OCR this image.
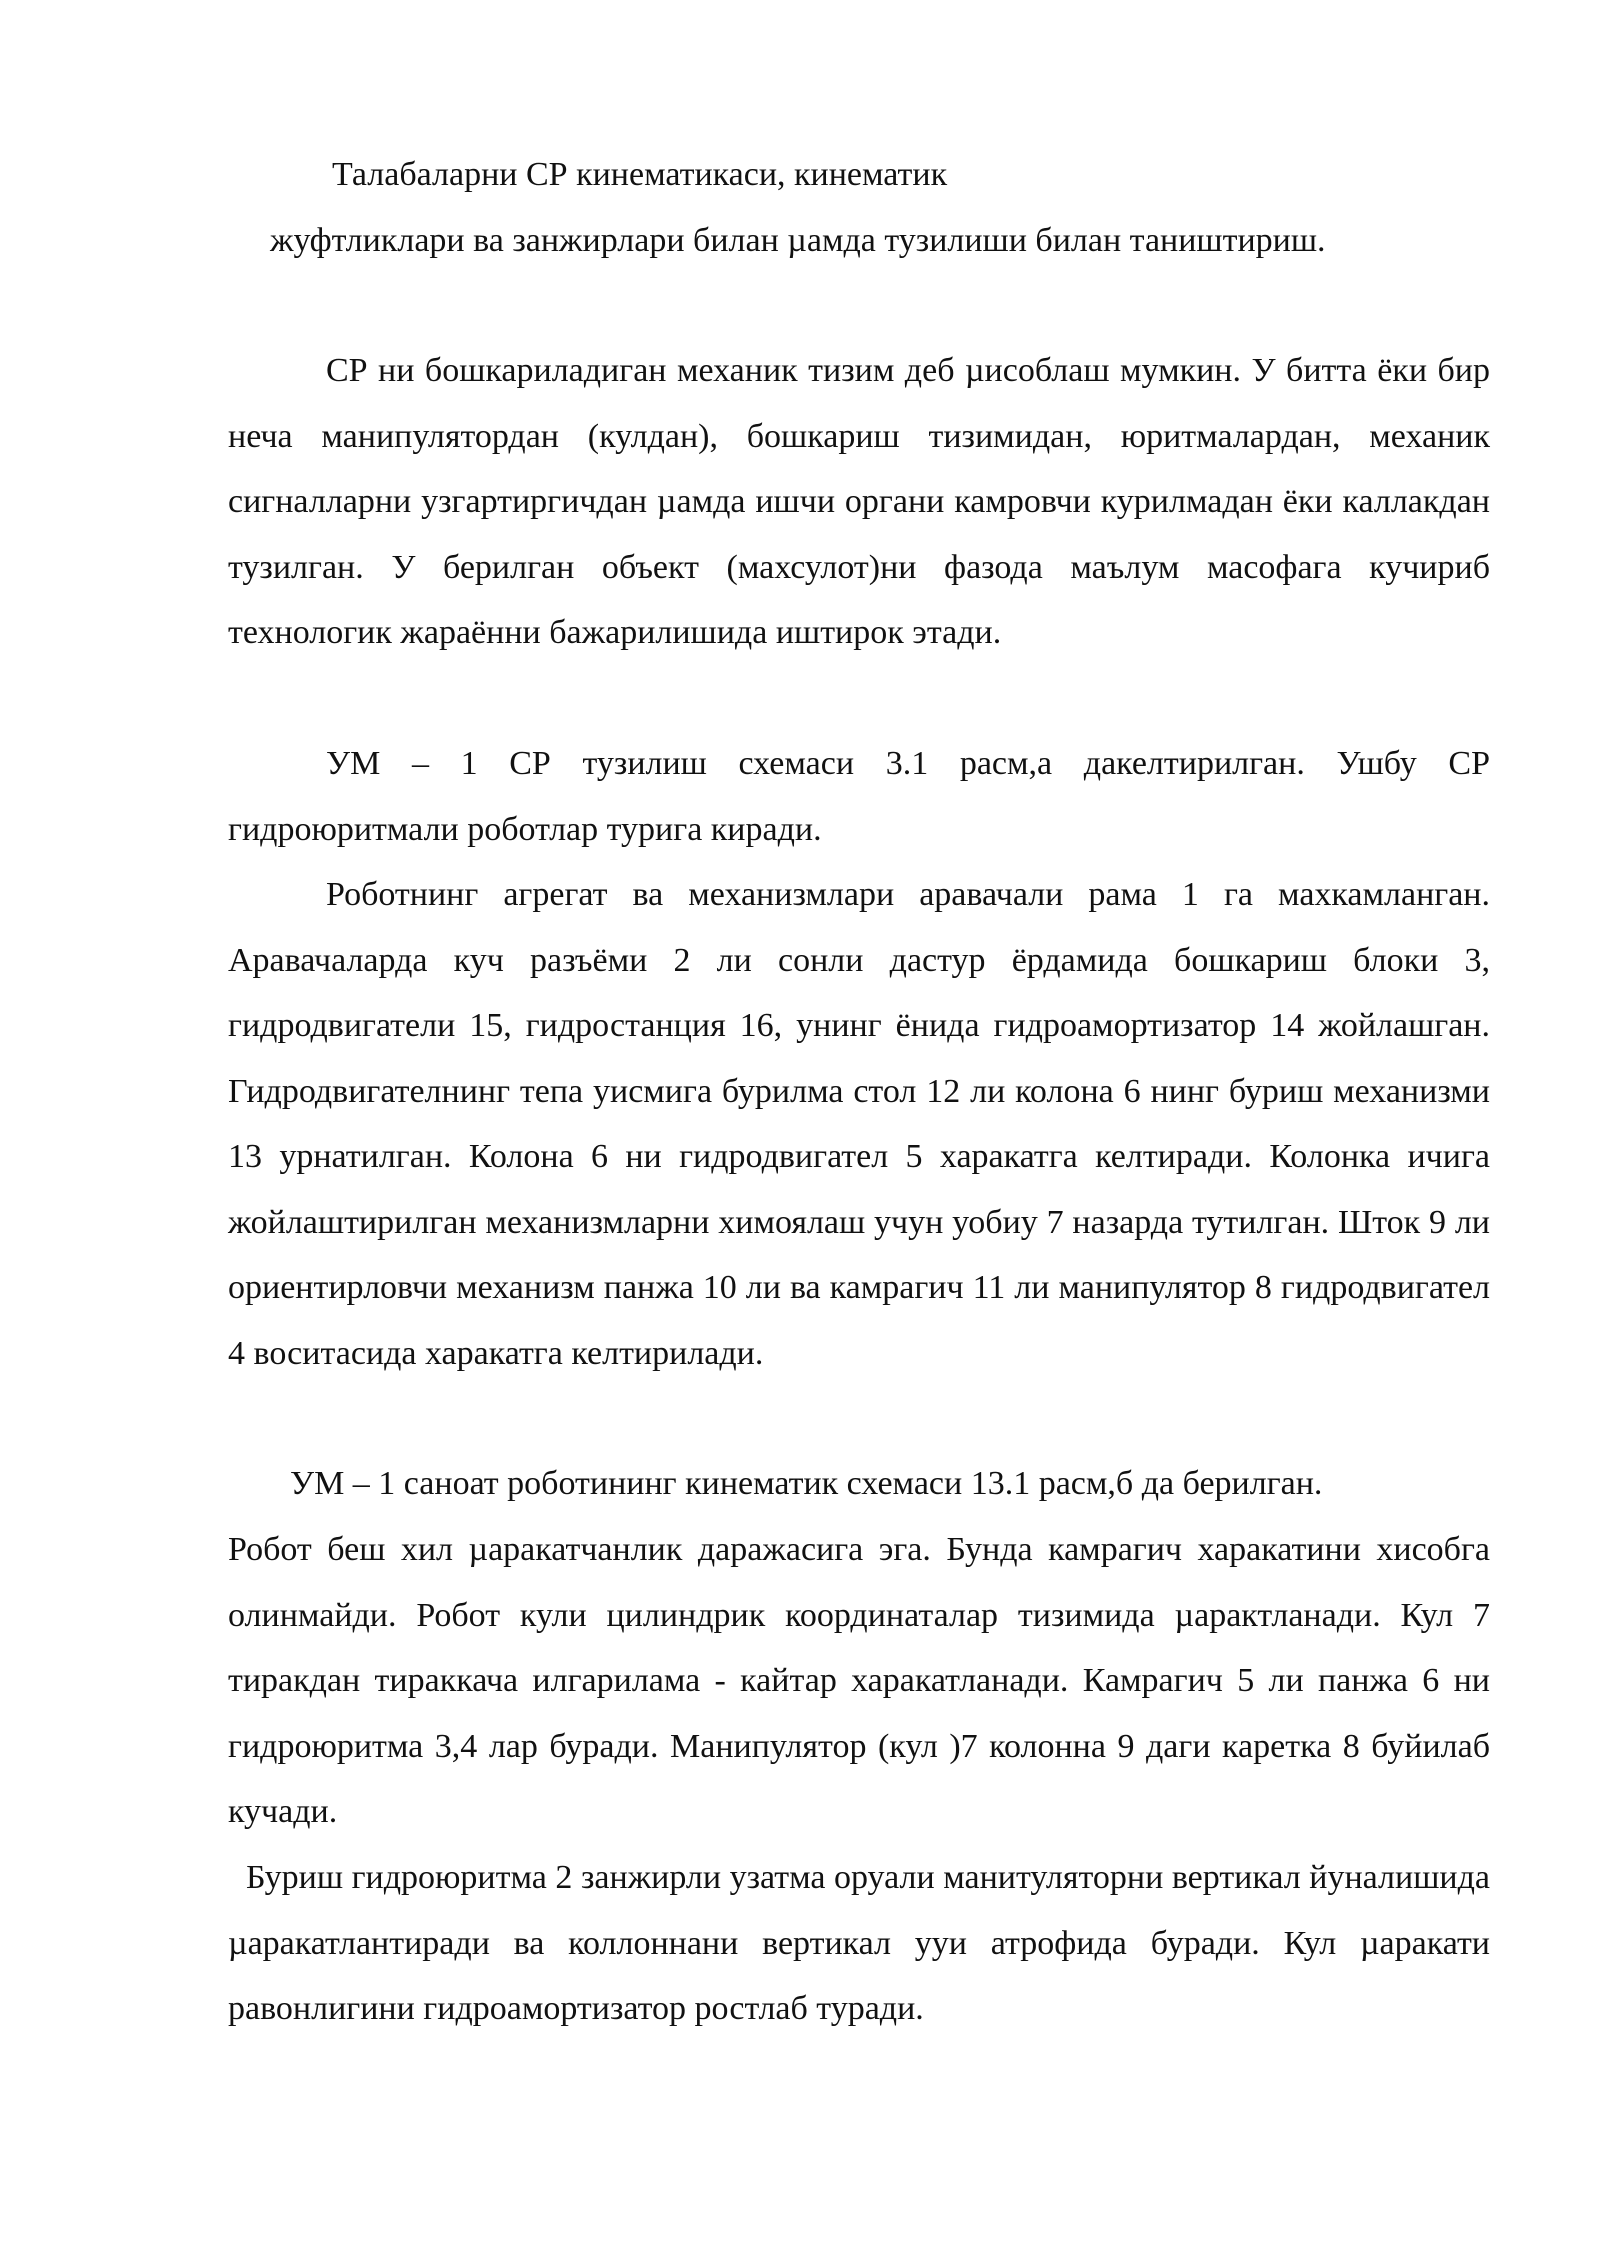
Талабаларни СР кинематикаси, кинематик
жуфтликлари ва занжирлари билан µамда тузилиши билан таништириш.

СР ни бошкариладиган механик тизим деб µисоблаш мумкин. У битта ёки бир неча манипулятордан (кулдан), бошкариш тизимидан, юритмалардан, механик сигналларни узгартиргичдан µамда ишчи органи камровчи курилмадан ёки каллакдан тузилган. У берилган объект (махсулот)ни фазода маълум масофага кучириб технологик жараённи бажарилишида иштирок этади.

УМ – 1 СР тузилиш схемаси 3.1 расм,а дакелтирилган. Ушбу СР гидроюритмали роботлар турига киради.

Роботнинг агрегат ва механизмлари аравачали рама 1 га махкамланган. Аравачаларда куч разъёми 2 ли сонли дастур ёрдамида бошкариш блоки 3, гидродвигатели 15, гидростанция 16, унинг ёнида гидроамортизатор 14 жойлашган. Гидродвигателнинг тепа уисмига бурилма стол 12 ли колона 6 нинг буриш механизми 13 урнатилган. Колона 6 ни гидродвигател 5 харакатга келтиради. Колонка ичига жойлаштирилган механизмларни химоялаш учун уобиу 7 назарда тутилган. Шток 9 ли ориентирловчи механизм панжа 10 ли ва камрагич 11 ли манипулятор 8 гидродвигател 4 воситасида харакатга келтирилади.

УМ – 1 саноат роботининг кинематик схемаси 13.1 расм,б да берилган.

Робот беш хил µаракатчанлик даражасига эга. Бунда камрагич харакатини хисобга олинмайди. Робот кули цилиндрик координаталар тизимида µарактланади. Кул 7 тиракдан тираккача илгарилама - кайтар харакатланади. Камрагич 5 ли панжа 6 ни гидроюритма 3,4 лар буради. Манипулятор (кул )7 колонна 9 даги каретка 8 буйилаб кучади.

Буриш гидроюритма 2 занжирли узатма оруали манитуляторни вертикал йуналишида µаракатлантиради ва коллоннани вертикал ууи атрофида буради. Кул µаракати равонлигини гидроамортизатор ростлаб туради.
